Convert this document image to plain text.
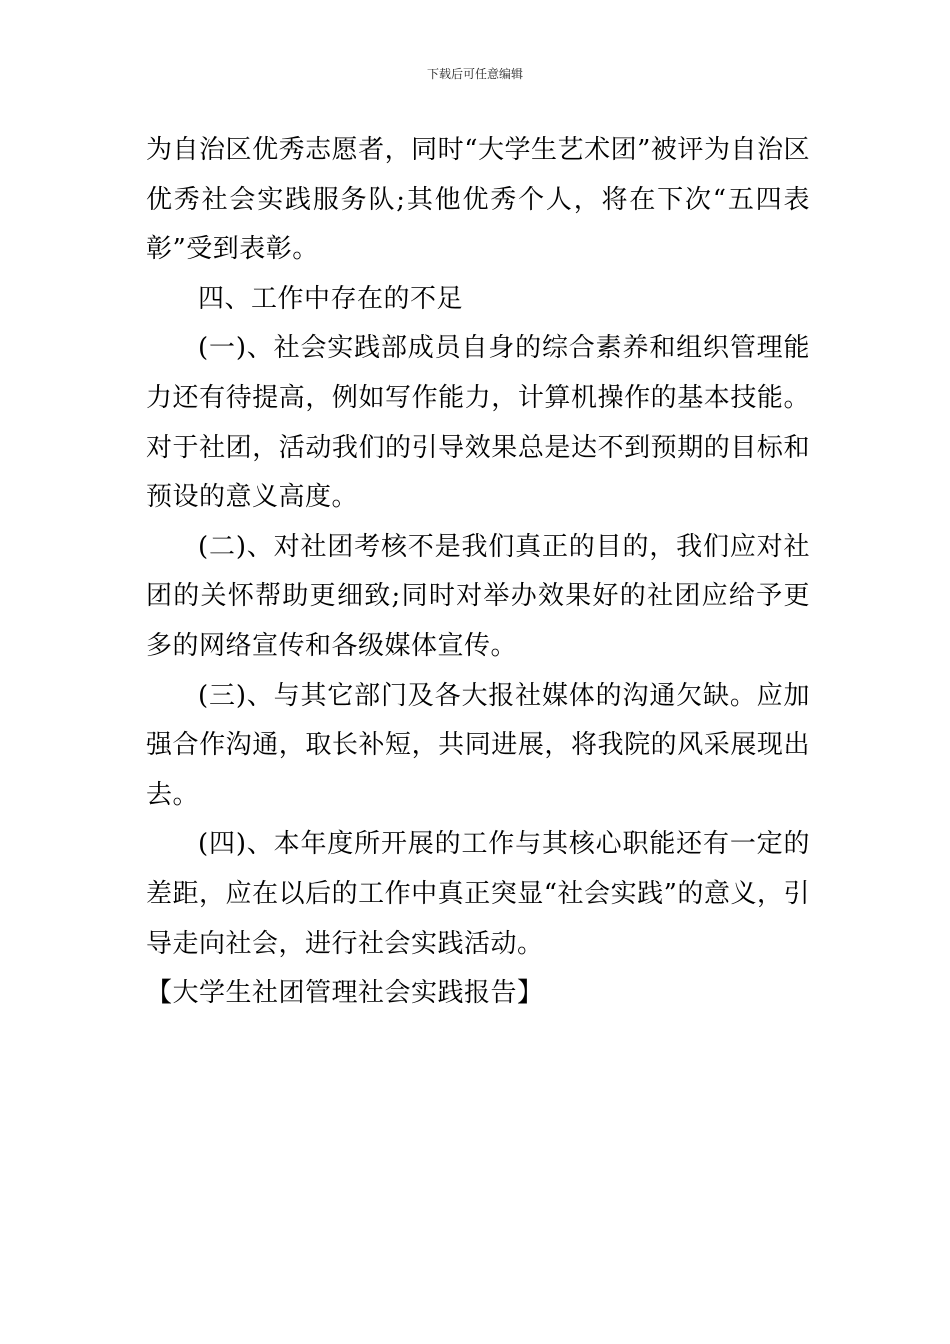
下载后可任意编辑

为自治区优秀志愿者，同时“大学生艺术团”被评为自治区优秀社会实践服务队;其他优秀个人，将在下次“五四表彰”受到表彰。

四、工作中存在的不足

(一)、社会实践部成员自身的综合素养和组织管理能力还有待提高，例如写作能力，计算机操作的基本技能。对于社团，活动我们的引导效果总是达不到预期的目标和预设的意义高度。

(二)、对社团考核不是我们真正的目的，我们应对社团的关怀帮助更细致;同时对举办效果好的社团应给予更多的网络宣传和各级媒体宣传。

(三)、与其它部门及各大报社媒体的沟通欠缺。应加强合作沟通，取长补短，共同进展，将我院的风采展现出去。

(四)、本年度所开展的工作与其核心职能还有一定的差距，应在以后的工作中真正突显“社会实践”的意义，引导走向社会，进行社会实践活动。

【大学生社团管理社会实践报告】
